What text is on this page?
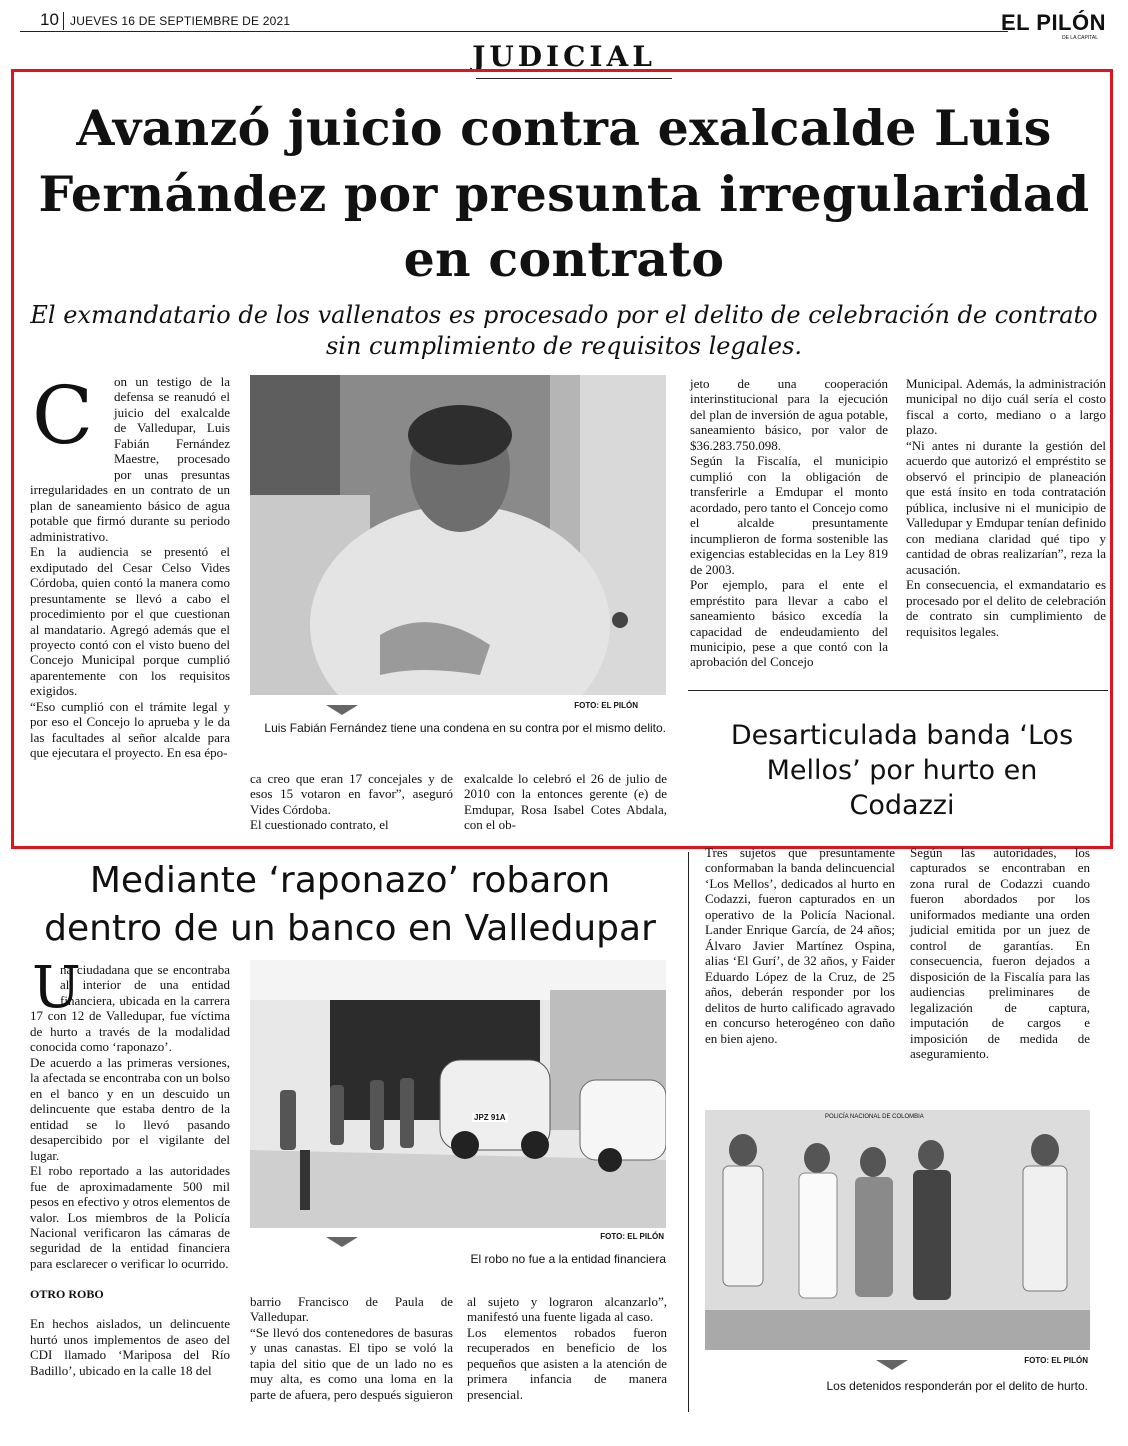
10 JUEVES 16 DE SEPTIEMBRE DE 2021	EL PILÓN
DE LA CAPITAL
JUDICIAL
Avanzó juicio contra exalcalde Luis Fernández por presunta irregularidad en contrato
El exmandatario de los vallenatos es procesado por el delito de celebración de contrato sin cumplimiento de requisitos legales.
C	on un testigo de la defensa se reanudó el juicio del exalcalde de Valledupar, Luis Fabián Fernández Maestre, procesado por unas presuntas irregularidades en un contrato de un plan de saneamiento básico de agua potable que firmó durante su periodo administrativo.

En la audiencia se presentó el exdiputado del Cesar Celso Vides Córdoba, quien contó la manera como presuntamente se llevó a cabo el procedimiento por el que cuestionan al mandatario. Agregó además que el proyecto contó con el visto bueno del Concejo Municipal porque cumplió aparentemente con los requisitos exigidos.

“Eso cumplió con el trámite legal y por eso el Concejo lo aprueba y le da las facultades al señor alcalde para que ejecutara el proyecto. En esa épo-

FOTO: EL PILÓN
Luis Fabián Fernández tiene una condena en su contra por el mismo delito.

ca creo que eran 17 concejales y de esos 15 votaron en favor”, aseguró Vides Córdoba.

El cuestionado contrato, el

exalcalde lo celebró el 26 de julio de 2010 con la entonces gerente (e) de Emdupar, Rosa Isabel Cotes Abdala, con el ob-

jeto de una cooperación interinstitucional para la ejecución del plan de inversión de agua potable, saneamiento básico, por valor de $36.283.750.098.

Según la Fiscalía, el municipio cumplió con la obligación de transferirle a Emdupar el monto acordado, pero tanto el Concejo como el alcalde presuntamente incumplieron de forma sostenible las exigencias establecidas en la Ley 819 de 2003.

Por ejemplo, para el ente el empréstito para llevar a cabo el saneamiento básico excedía la capacidad de endeudamiento del municipio, pese a que contó con la aprobación del Concejo

Municipal. Además, la administración municipal no dijo cuál sería el costo fiscal a corto, mediano o a largo plazo.

“Ni antes ni durante la gestión del acuerdo que autorizó el empréstito se observó el principio de planeación que está ínsito en toda contratación pública, inclusive ni el municipio de Valledupar y Emdupar tenían definido con mediana claridad qué tipo y cantidad de obras realizarían”, reza la acusación.

En consecuencia, el exmandatario es procesado por el delito de celebración de contrato sin cumplimiento de requisitos legales.

Desarticulada banda ‘Los Mellos’ por hurto en Codazzi

Tres sujetos que presuntamente conformaban la banda delincuencial ‘Los Mellos’, dedicados al hurto en Codazzi, fueron capturados en un operativo de la Policía Nacional. Lander Enrique García, de 24 años; Álvaro Javier Martínez Ospina, alias ‘El Gurí’, de 32 años, y Faider Eduardo López de la Cruz, de 25 años, deberán responder por los delitos de hurto calificado agravado en concurso heterogéneo con daño en bien ajeno.

Según las autoridades, los capturados se encontraban en zona rural de Codazzi cuando fueron abordados por los uniformados mediante una orden judicial emitida por un juez de control de garantías. En consecuencia, fueron dejados a disposición de la Fiscalía para las audiencias preliminares de legalización de captura, imputación de cargos e imposición de medida de aseguramiento.

POLICÍA NACIONAL DE COLOMBIA
FOTO: EL PILÓN
Los detenidos responderán por el delito de hurto.
Mediante ‘raponazo’ robaron dentro de un banco en Valledupar
U

na ciudadana que se encontraba al interior de una entidad financiera, ubicada en la carrera 17 con 12 de Valledupar, fue víctima de hurto a través de la modalidad conocida como ‘raponazo’.

De acuerdo a las primeras versiones, la afectada se encontraba con un bolso en el banco y en un descuido un delincuente que estaba dentro de la entidad se lo llevó pasando desapercibido por el vigilante del lugar.

El robo reportado a las autoridades fue de aproximadamente 500 mil pesos en efectivo y otros elementos de valor. Los miembros de la Policía Nacional verificaron las cámaras de seguridad de la entidad financiera para esclarecer o verificar lo ocurrido.

OTRO ROBO

En hechos aislados, un delincuente hurtó unos implementos de aseo del CDI llamado ‘Mariposa del Río Badillo’, ubicado en la calle 18 del

JPZ 91A
FOTO: EL PILÓN
El robo no fue a la entidad financiera

barrio Francisco de Paula de Valledupar.

“Se llevó dos contenedores de basuras y unas canastas. El tipo se voló la tapia del sitio que de un lado no es muy alta, es como una loma en la parte de afuera, pero después siguieron

al sujeto y lograron alcanzarlo”, manifestó una fuente ligada al caso.

Los elementos robados fueron recuperados en beneficio de los pequeños que asisten a la atención de primera infancia de manera presencial.
